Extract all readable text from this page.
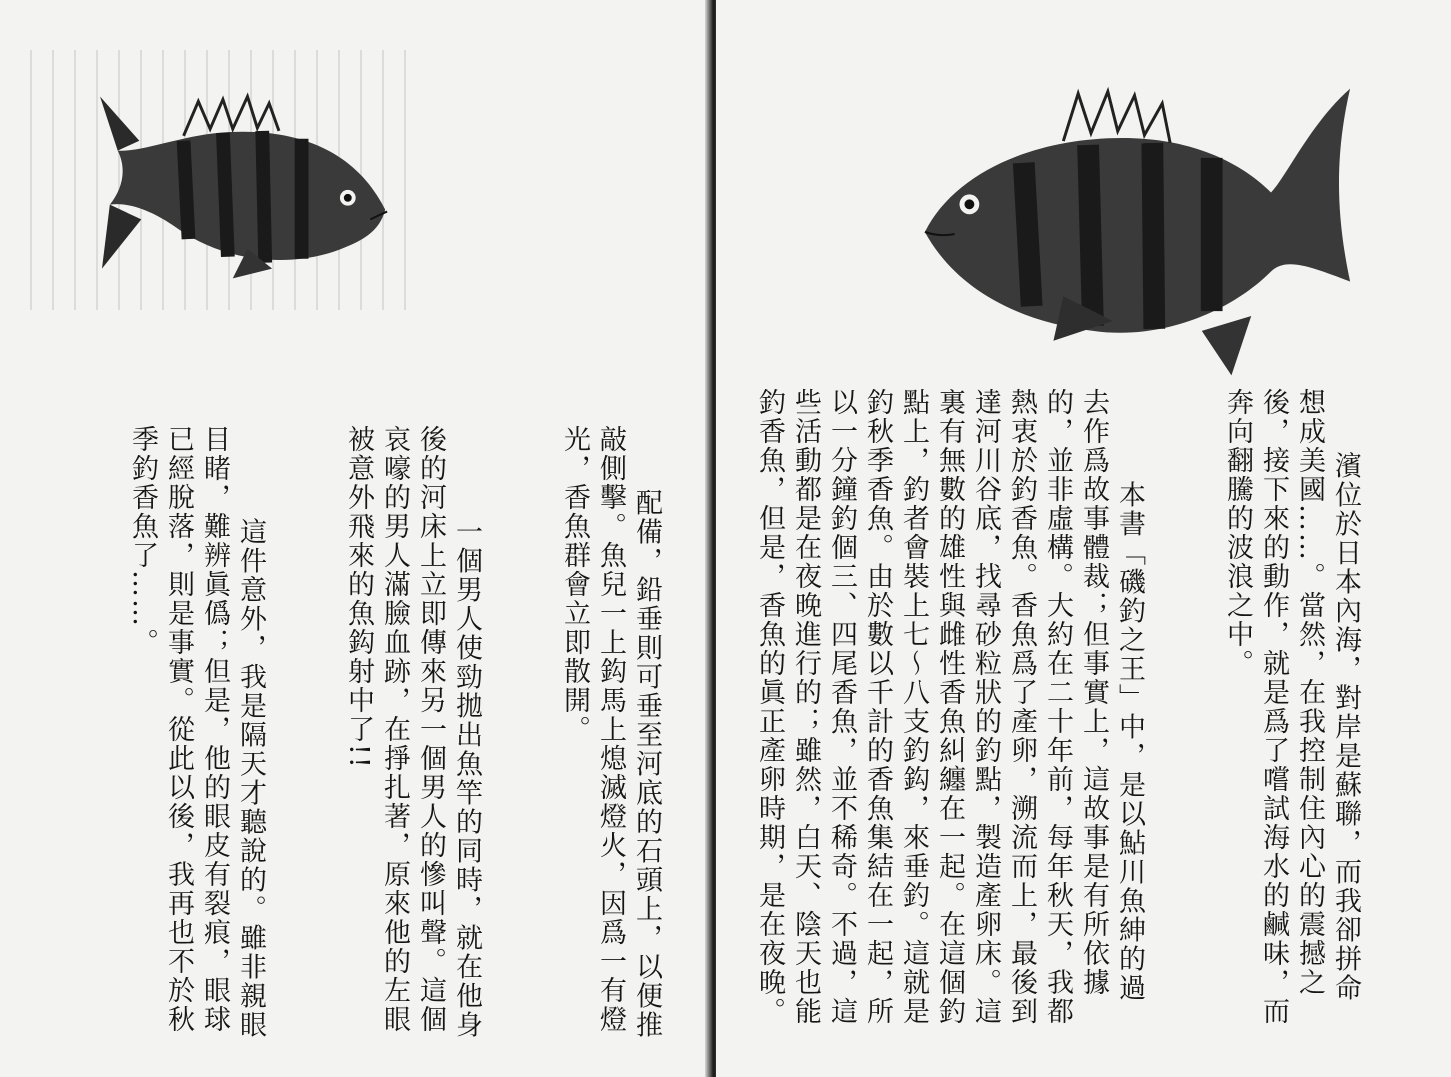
配備，鉛垂則可垂至河底的石頭上，以便推敲側擊。魚兒一上鈎馬上熄滅燈火，因爲一有燈光，香魚群會立即散開。

　一個男人使勁拋出魚竿的同時，就在他身後的河床上立即傳來另一個男人的慘叫聲。這個哀嚎的男人滿臉血跡，在掙扎著，原來他的左眼被意外飛來的魚鈎射中了!!

　這件意外，我是隔天才聽說的。雖非親眼目睹，難辨眞僞；但是，他的眼皮有裂痕，眼球已經脫落，則是事實。從此以後，我再也不於秋季釣香魚了……。
	濱位於日本內海，對岸是蘇聯，而我卻拼命想成美國……。當然，在我控制住內心的震撼之後，接下來的動作，就是爲了嚐試海水的鹹味，而奔向翻騰的波浪之中。

　本書「磯釣之王」中，是以鮎川魚紳的過去作爲故事體裁；但事實上，這故事是有所依據的，並非虛構。大約在二十年前，每年秋天，我都熱衷於釣香魚。香魚爲了產卵，溯流而上，最後到達河川谷底，找尋砂粒狀的釣點，製造產卵床。這裏有無數的雄性與雌性香魚糾纏在一起。在這個釣點上，釣者會裝上七～八支釣鈎，來垂釣。這就是釣秋季香魚。由於數以千計的香魚集結在一起，所以一分鐘釣個三、四尾香魚，並不稀奇。不過，這些活動都是在夜晚進行的；雖然，白天、陰天也能釣香魚，但是，香魚的眞正產卵時期，是在夜晚。
